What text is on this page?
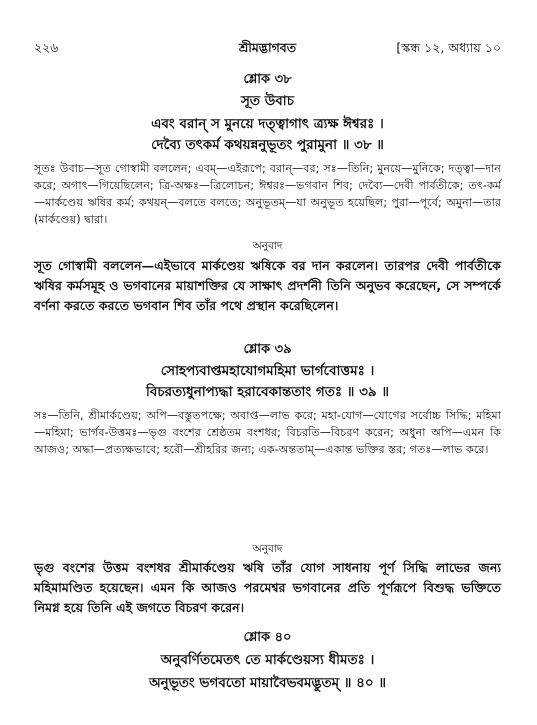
২২৬	শ্রীমদ্ভাগবত	[স্কন্ধ ১২, অধ্যায় ১০
শ্লোক ৩৮
সূত উবাচ
এবং বরান্ স মুনয়ে দত্ত্বাগাৎ ত্র্যক্ষ ঈশ্বরঃ ।
দেব্যৈ তৎকর্ম কথয়ন্ননুভূতং পুরামুনা ॥ ৩৮ ॥

সূতঃ উবাচ—সূত গোস্বামী বললেন; এবম্—এইরূপে; বরান্—বর; সঃ—তিনি; মুনয়ে—মুনিকে; দত্ত্বা—দান করে; অগাৎ—গিয়েছিলেন; ত্রি-অক্ষঃ—ত্রিলোচন; ঈশ্বরঃ—ভগবান শিব; দেব্যৈ—দেবী পার্বতীকে; তৎ-কর্ম—মার্কণ্ডেয় ঋষির কর্ম; কথয়ন্—বলতে বলতে; অনুভূতম্—যা অনুভূত হয়েছিল; পুরা—পূর্বে; অমুনা—তার (মার্কণ্ডেয়) দ্বারা।

অনুবাদ

সূত গোস্বামী বললেন—এইভাবে মার্কণ্ডেয় ঋষিকে বর দান করলেন। তারপর দেবী পার্বতীকে ঋষির কর্মসমূহ ও ভগবানের মায়াশক্তির যে সাক্ষাৎ প্রদর্শনী তিনি অনুভব করেছেন, সে সম্পর্কে বর্ণনা করতে করতে ভগবান শিব তাঁর পথে প্রস্থান করেছিলেন।

শ্লোক ৩৯
সোহপ্যবাপ্তমহাযোগমহিমা ভার্গবোত্তমঃ ।
বিচরত্যধুনাপ্যদ্ধা হরাবেকান্ততাং গতঃ ॥ ৩৯ ॥

সঃ—তিনি, শ্রীমার্কণ্ডেয়; অপি—বস্তুতপক্ষে; অবাপ্ত—লাভ করে; মহা-যোগ—যোগের সর্বোচ্চ সিদ্ধি; মহিমা—মহিমা; ভার্গব-উত্তমঃ—ভৃগু বংশের শ্রেষ্ঠতম বংশধর; বিচরতি—বিচরণ করেন; অধুনা অপি—এমন কি আজও; অদ্ধা—প্রত্যক্ষভাবে; হরৌ—শ্রীহরির জন্য; এক-অন্ততাম্—একান্ত ভক্তির স্তর; গতঃ—লাভ করে।

অনুবাদ

ভৃগু বংশের উত্তম বংশধর শ্রীমার্কণ্ডেয় ঋষি তাঁর যোগ সাধনায় পূর্ণ সিদ্ধি লাভের জন্য মহিমামণ্ডিত হয়েছেন। এমন কি আজও পরমেশ্বর ভগবানের প্রতি পূর্ণরূপে বিশুদ্ধ ভক্তিতে নিমগ্ন হয়ে তিনি এই জগতে বিচরণ করেন।

শ্লোক ৪০
অনুবর্ণিতমেতৎ তে মার্কণ্ডেয়স্য ধীমতঃ ।
অনুভূতং ভগবতো মায়াবৈভবমদ্ভুতম্ ॥ ৪০ ॥
